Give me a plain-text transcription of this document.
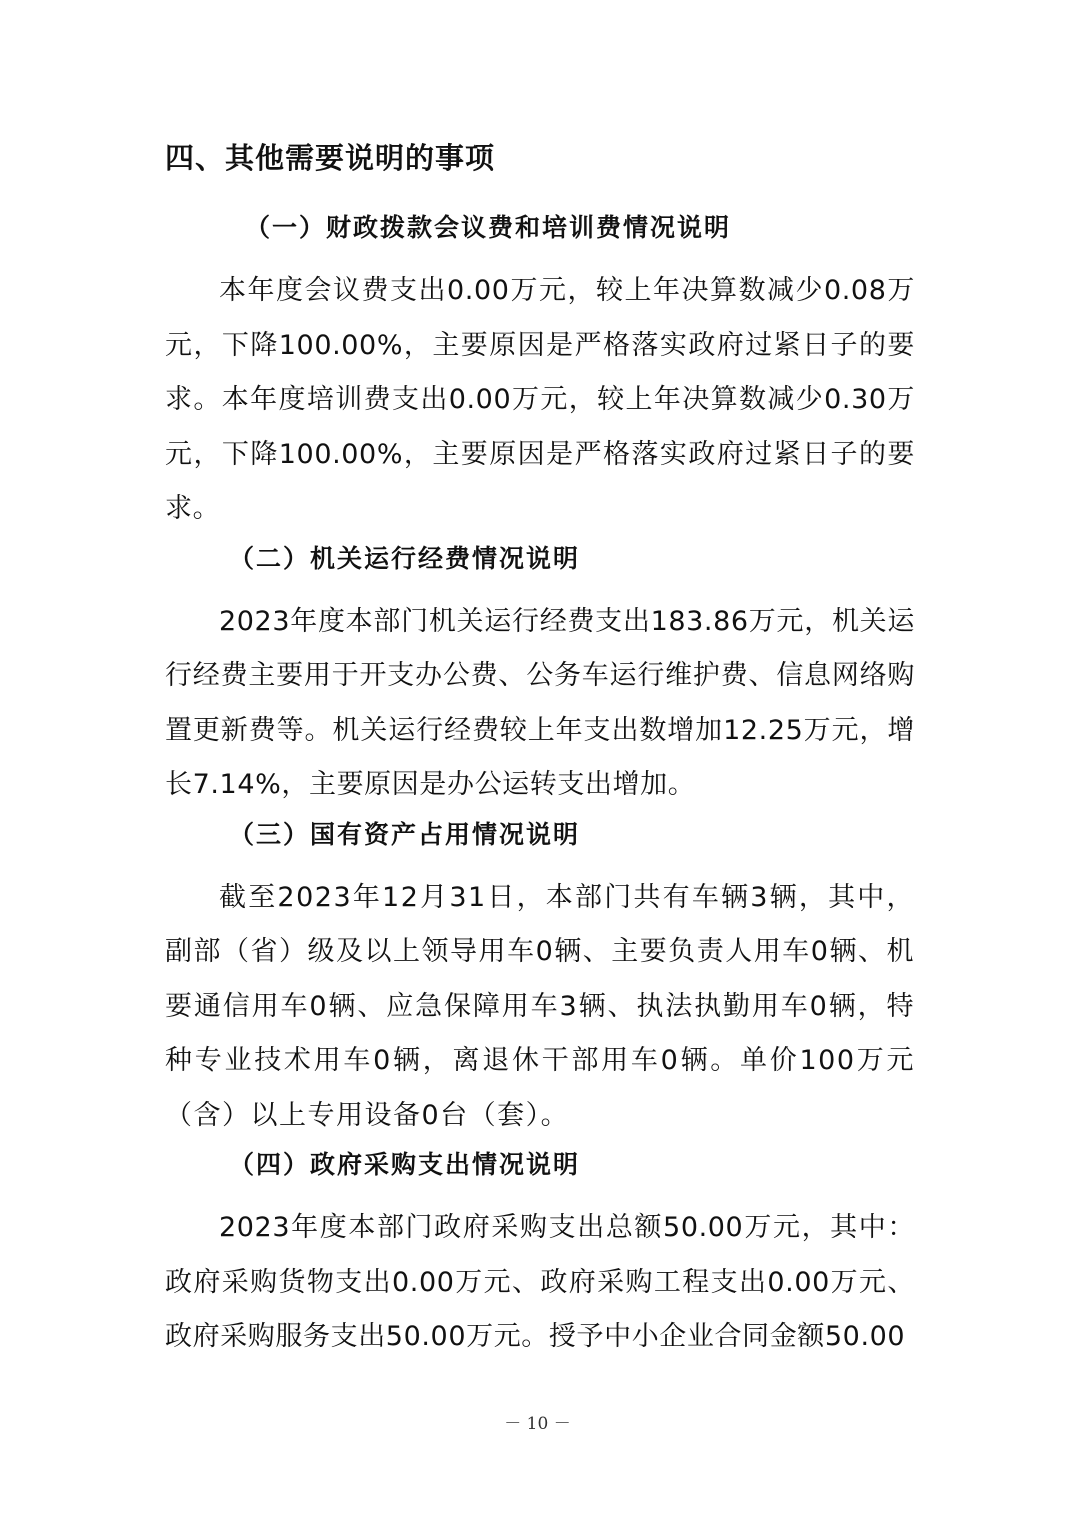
四、其他需要说明的事项
（一）财政拨款会议费和培训费情况说明
本年度会议费支出0.00万元，较上年决算数减少0.08万元，下降100.00%，主要原因是严格落实政府过紧日子的要求。本年度培训费支出0.00万元，较上年决算数减少0.30万元，下降100.00%，主要原因是严格落实政府过紧日子的要求。
（二）机关运行经费情况说明
2023年度本部门机关运行经费支出183.86万元，机关运行经费主要用于开支办公费、公务车运行维护费、信息网络购置更新费等。机关运行经费较上年支出数增加12.25万元，增长7.14%，主要原因是办公运转支出增加。
（三）国有资产占用情况说明
截至2023年12月31日，本部门共有车辆3辆，其中，副部（省）级及以上领导用车0辆、主要负责人用车0辆、机要通信用车0辆、应急保障用车3辆、执法执勤用车0辆，特种专业技术用车0辆，离退休干部用车0辆。单价100万元（含）以上专用设备0台（套）。
（四）政府采购支出情况说明
2023年度本部门政府采购支出总额50.00万元，其中：政府采购货物支出0.00万元、政府采购工程支出0.00万元、政府采购服务支出50.00万元。授予中小企业合同金额50.00
－ 10 －
